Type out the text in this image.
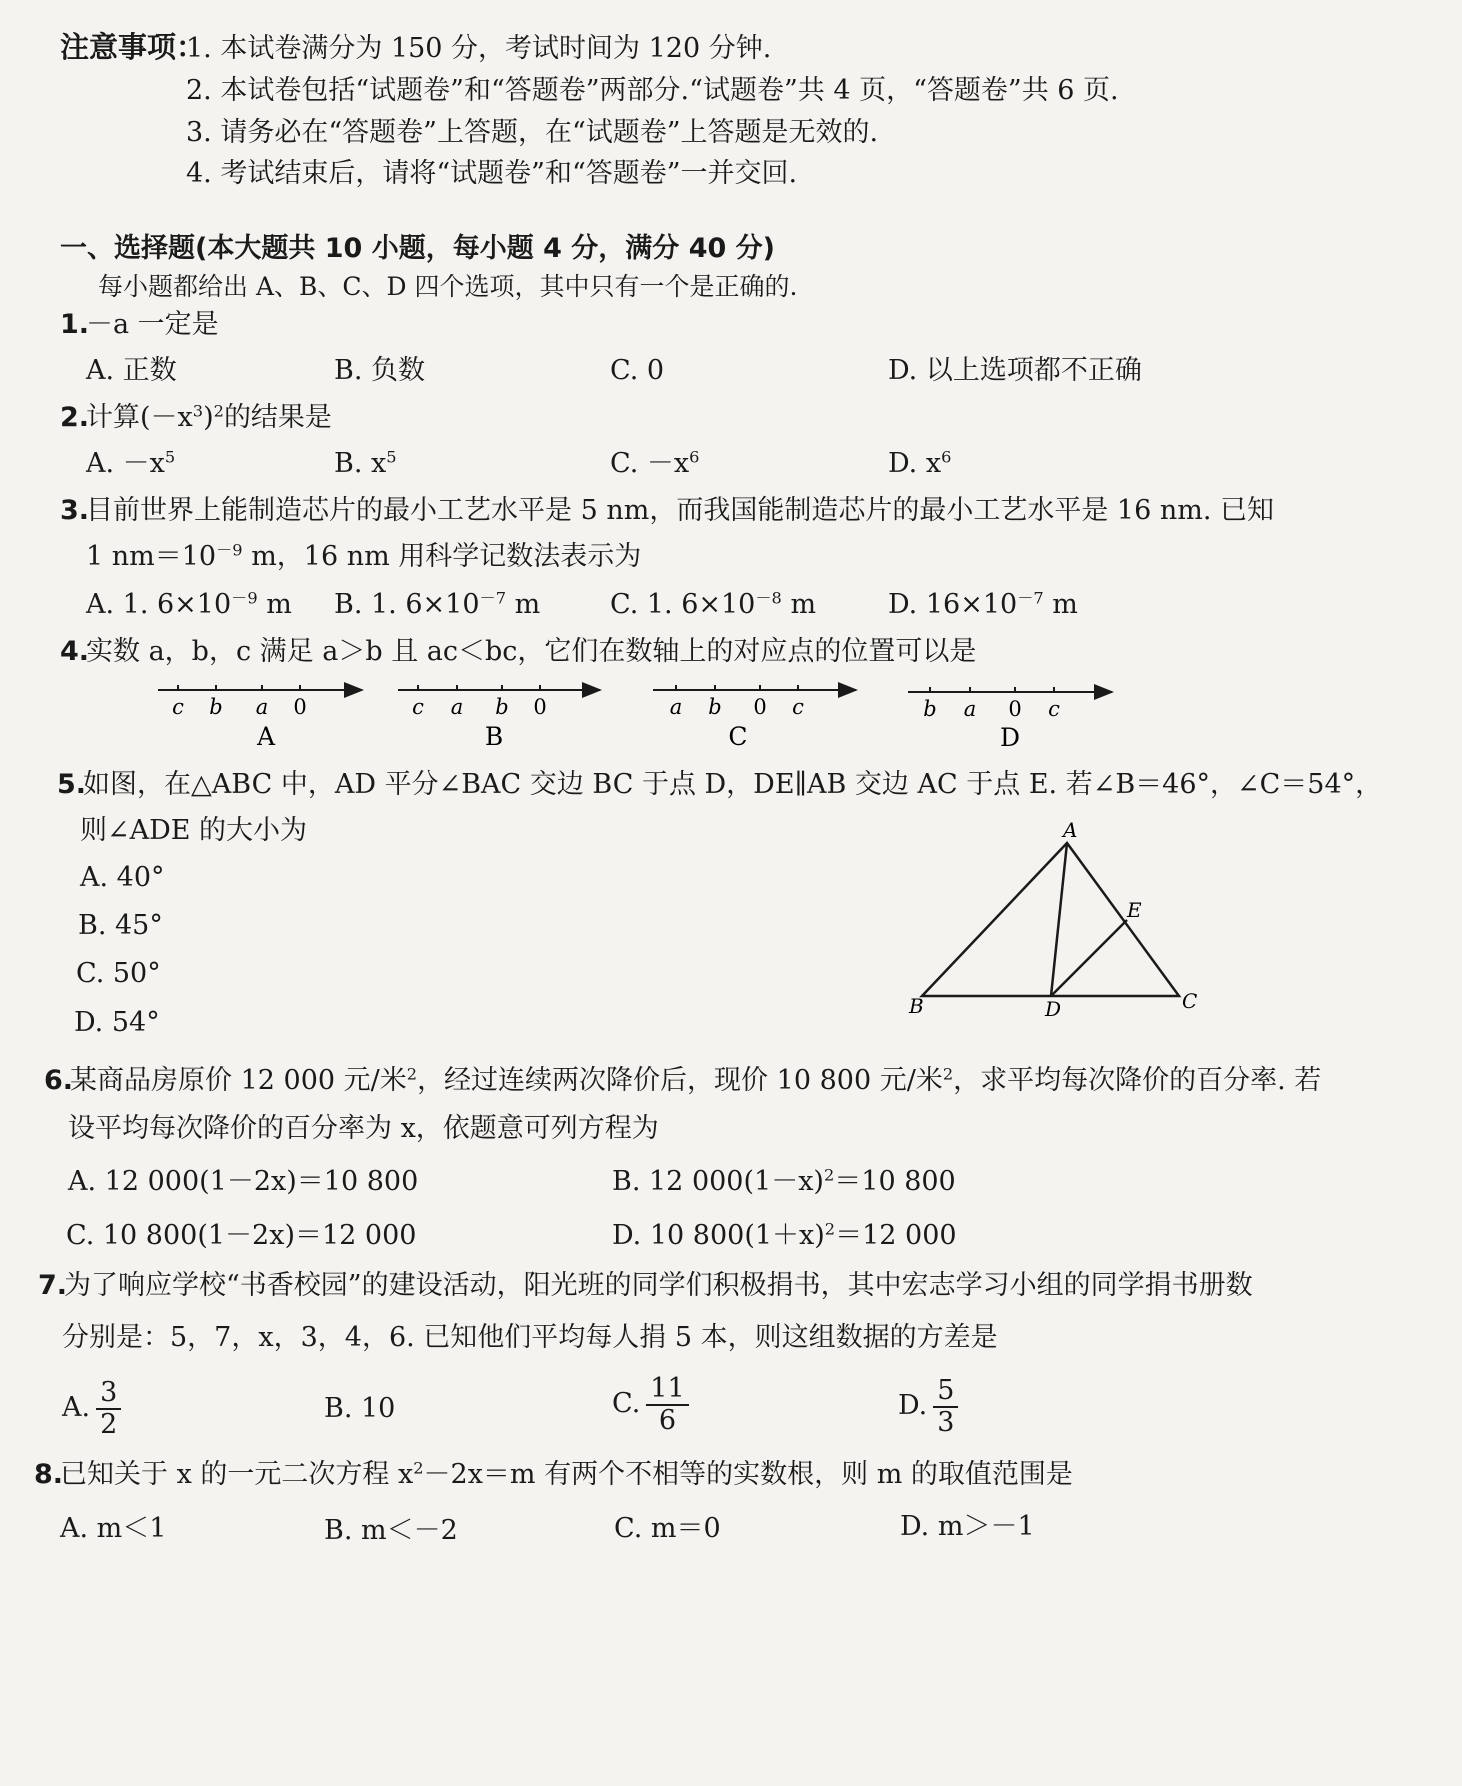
注意事项：
1. 本试卷满分为 150 分，考试时间为 120 分钟.
2. 本试卷包括“试题卷”和“答题卷”两部分.“试题卷”共 4 页，“答题卷”共 6 页.
3. 请务必在“答题卷”上答题，在“试题卷”上答题是无效的.
4. 考试结束后，请将“试题卷”和“答题卷”一并交回.
一、选择题(本大题共 10 小题，每小题 4 分，满分 40 分)
每小题都给出 A、B、C、D 四个选项，其中只有一个是正确的.
1.
－a 一定是
A. 正数	B. 负数	C. 0	D. 以上选项都不正确
2.
计算$(-x^3)^2$的结果是
A. $-x^5$	B. $x^5$	C. $-x^6$	D. $x^6$
3.
目前世界上能制造芯片的最小工艺水平是 5 nm，而我国能制造芯片的最小工艺水平是 16 nm. 已知
1 $nm=10^{-9}$ m，16 nm 用科学记数法表示为
A. 1. $6\times 10^{-9}$ m B. 1. $6\times 10^{-7}$ m	C. 1. $6\times 10^{-8}$ m	D. $16\times 10^{-7}$ m
4.
实数 a，b，c 满足 a＞b 且 ac＜bc，它们在数轴上的对应点的位置可以是
c b a 0
A
c a b 0
B
a b 0 c
C
b a 0 c
D
5.
如图，在△ABC 中，AD 平分∠BAC 交边 BC 于点 D，DE∥AB 交边 AC 于点 E. 若∠B＝46°，∠C＝54°，
则∠ADE 的大小为
A. 40°
B. 45°
C. 50°
D. 54°
A
E
B	D	C
6.
某商品房原价 12 000 元/米$^2$，经过连续两次降价后，现价 10 800 元/米$^2$，求平均每次降价的百分率. 若
设平均每次降价的百分率为 x，依题意可列方程为
A. 12 000(1－2x)＝10 800	B. 12 $000(1-x)^2=10$ 800
C. 10 800(1－2x)＝12 000	D. 10 $800(1+x)^2=12$ 000
7.
为了响应学校“书香校园”的建设活动，阳光班的同学们积极捐书，其中宏志学习小组的同学捐书册数
分别是：5，7，x，3，4，6. 已知他们平均每人捐 5 本，则这组数据的方差是
A. $\frac{3}{2}$	B. 10	C. $\frac{11}{6}$	D. $\frac{5}{3}$
8.
已知关于 x 的一元二次方程 $x^2-2x=m$ 有两个不相等的实数根，则 m 的取值范围是
A. m＜1	B. m＜－2	C. m＝0	D. m＞－1
